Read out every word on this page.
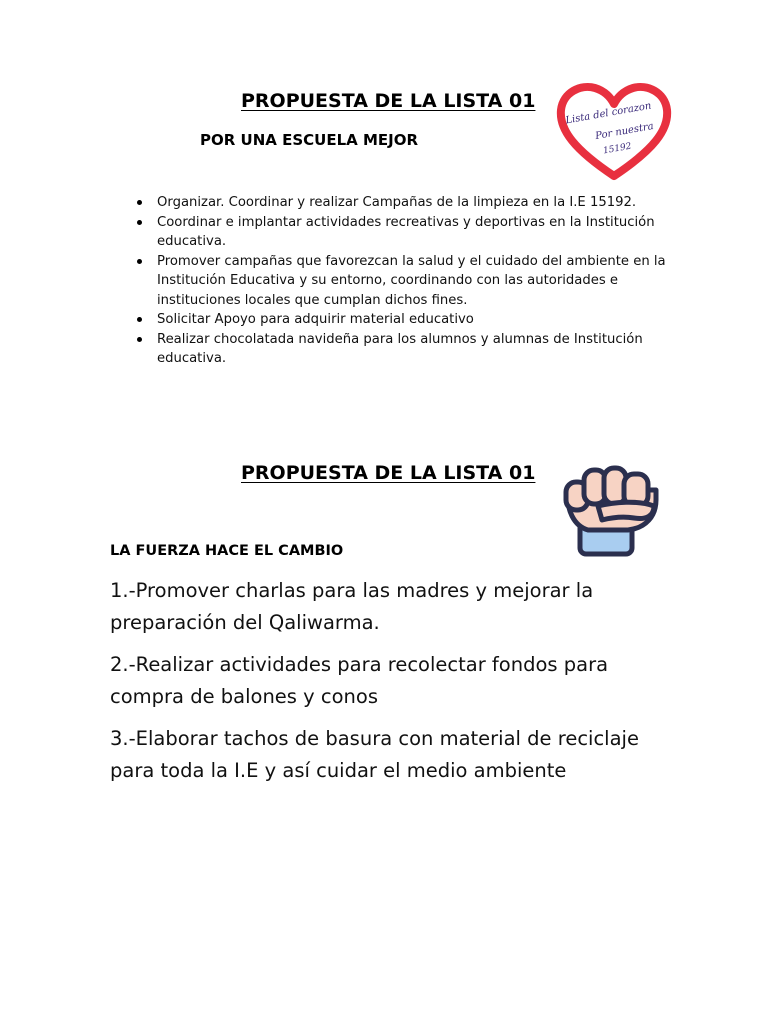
PROPUESTA DE LA LISTA 01
POR UNA ESCUELA MEJOR
Lista del corazon
Por nuestra
15192
Organizar. Coordinar y realizar Campañas de la limpieza en la I.E 15192.
Coordinar e implantar actividades recreativas y deportivas en la Institución educativa.
Promover campañas que favorezcan la salud y el cuidado del ambiente en la Institución Educativa y su entorno, coordinando con las autoridades e instituciones locales que cumplan dichos fines.
Solicitar Apoyo para adquirir material educativo
Realizar chocolatada navideña para los alumnos y alumnas de Institución educativa.
PROPUESTA DE LA LISTA 01
LA FUERZA HACE EL CAMBIO

1.-Promover charlas para las madres y mejorar la preparación del Qaliwarma.

2.-Realizar actividades para recolectar fondos para compra de balones y conos

3.-Elaborar tachos de basura con material de reciclaje para toda la I.E y así cuidar el medio ambiente
